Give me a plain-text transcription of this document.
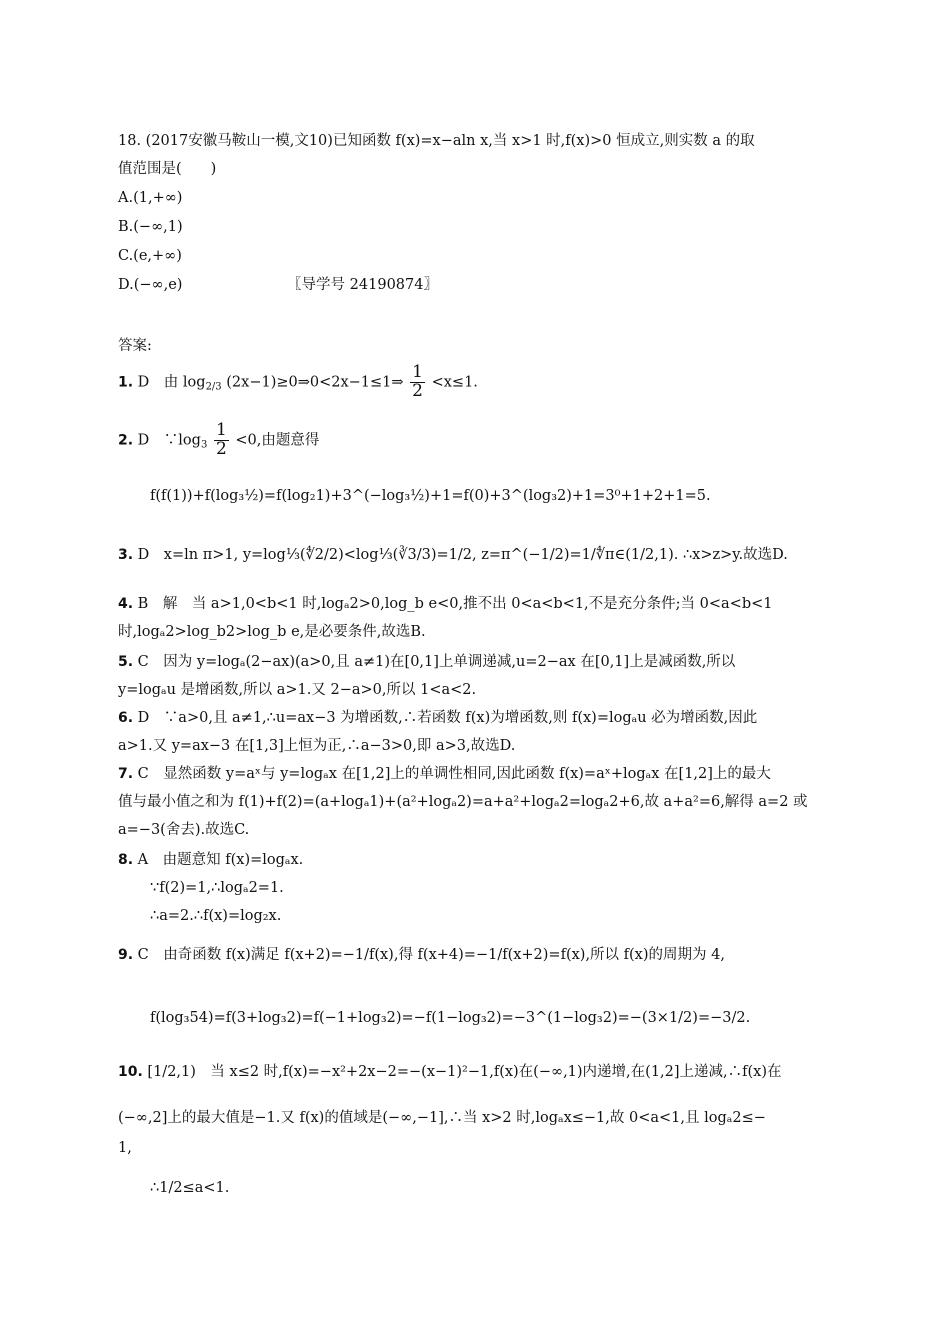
18. (2017安徽马鞍山一模,文10)已知函数 f(x)=x−aln x,当 x>1 时,f(x)>0 恒成立,则实数 a 的取
值范围是(　　)
A.(1,+∞)
B.(−∞,1)
C.(e,+∞)
D.(−∞,e)	〖导学号 24190874〗
答案:
1. D　由 $\log_{2/3}$ (2x−1)≥0⇒0<2x−1≤1⇒ $\frac{1}{2} <x\le 1$.
2. D　$\because\log_3 \frac{1}{2} <0$,由题意得
f(f(1))+f(log₃½)=f(log₂1)+3^(−log₃½)+1=f(0)+3^(log₃2)+1=3⁰+1+2+1=5.
3. D　x=ln π>1, y=log⅓(∜2/2)<log⅓(∛3/3)=1/2, z=π^(−1/2)=1/∜π∈(1/2,1). ∴x>z>y.故选D.
4. B　解　当 a>1,0<b<1 时,logₐ2>0,log_b e<0,推不出 0<a<b<1,不是充分条件;当 0<a<b<1
时,logₐ2>log_b2>log_b e,是必要条件,故选B.
5. C　因为 y=logₐ(2−ax)(a>0,且 a≠1)在[0,1]上单调递减,u=2−ax 在[0,1]上是减函数,所以
y=logₐu 是增函数,所以 a>1.又 2−a>0,所以 1<a<2.
6. D　∵a>0,且 a≠1,∴u=ax−3 为增函数,∴若函数 f(x)为增函数,则 f(x)=logₐu 必为增函数,因此
a>1.又 y=ax−3 在[1,3]上恒为正,∴a−3>0,即 a>3,故选D.
7. C　显然函数 y=aˣ与 y=logₐx 在[1,2]上的单调性相同,因此函数 f(x)=aˣ+logₐx 在[1,2]上的最大
值与最小值之和为 f(1)+f(2)=(a+logₐ1)+(a²+logₐ2)=a+a²+logₐ2=logₐ2+6,故 a+a²=6,解得 a=2 或
a=−3(舍去).故选C.
8. A　由题意知 f(x)=logₐx.
∵f(2)=1,∴logₐ2=1.
∴a=2.∴f(x)=log₂x.
9. C　由奇函数 f(x)满足 f(x+2)=−1/f(x),得 f(x+4)=−1/f(x+2)=f(x),所以 f(x)的周期为 4,
f(log₃54)=f(3+log₃2)=f(−1+log₃2)=−f(1−log₃2)=−3^(1−log₃2)=−(3×1/2)=−3/2.
10. [1/2,1)　当 x≤2 时,f(x)=−x²+2x−2=−(x−1)²−1,f(x)在(−∞,1)内递增,在(1,2]上递减,∴f(x)在
(−∞,2]上的最大值是−1.又 f(x)的值域是(−∞,−1],∴当 x>2 时,logₐx≤−1,故 0<a<1,且 logₐ2≤−
1,
∴1/2≤a<1.
